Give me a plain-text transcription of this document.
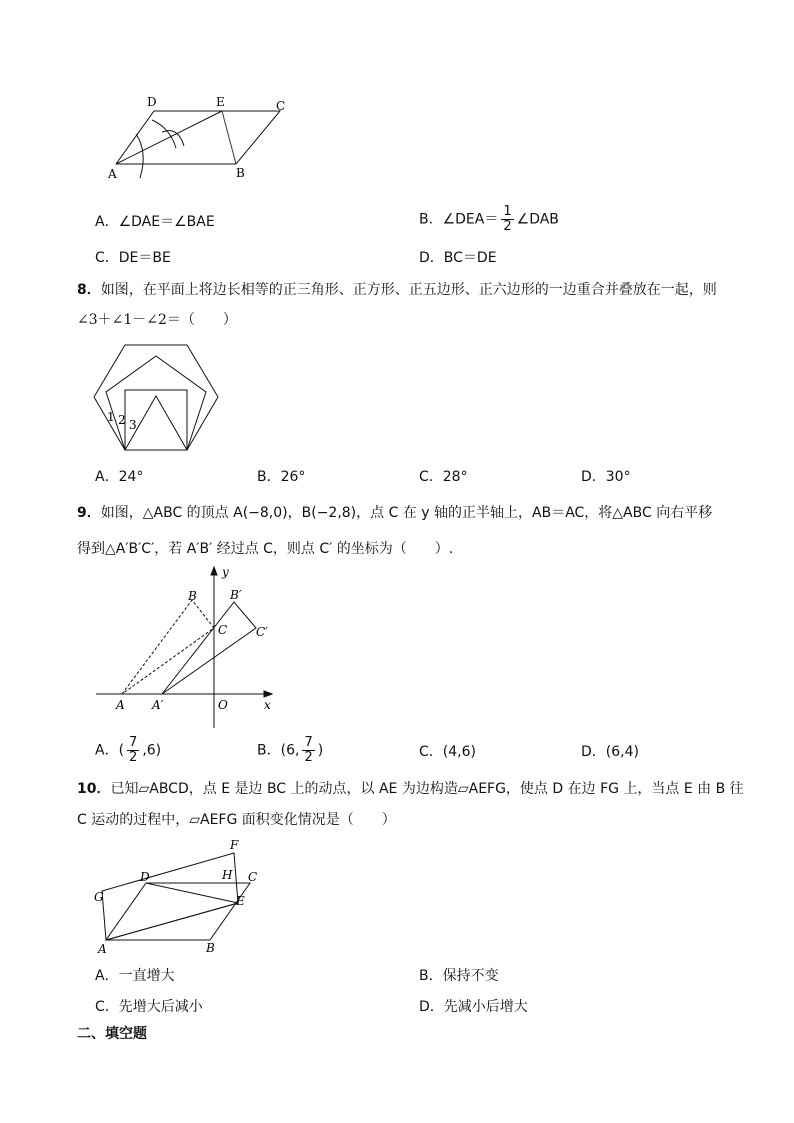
D	E	C
A	B
A．∠DAE＝∠BAE	B．∠DEA＝ $\frac{1}{2}$ ∠DAB
C．DE＝BE	D．BC＝DE
8．如图，在平面上将边长相等的正三角形、正方形、正五边形、正六边形的一边重合并叠放在一起，则
∠3＋∠1－∠2＝（　　）
1 2 3
A．24°	B．26°	C．28°	D．30°
9．如图，△ABC 的顶点 A(−8,0)，B(−2,8)，点 C 在 y 轴的正半轴上，AB＝AC，将△ABC 向右平移
得到△A′B′C′，若 A′B′ 经过点 C，则点 C′ 的坐标为（　　）.
y
x
O
A A′
B	B′
C C′
A．( $\frac{7}{2} ,6$)	B．(6, $\frac{7}{2}$ )	C．(4,6)	D．(6,4)
10．已知▱ABCD，点 E 是边 BC 上的动点，以 AE 为边构造▱AEFG，使点 D 在边 FG 上，当点 E 由 B 往
C 运动的过程中，▱AEFG 面积变化情况是（　　）
F
D	H C
G	E
A	B
A．一直增大	B．保持不变
C．先增大后减小	D．先减小后增大
二、填空题
